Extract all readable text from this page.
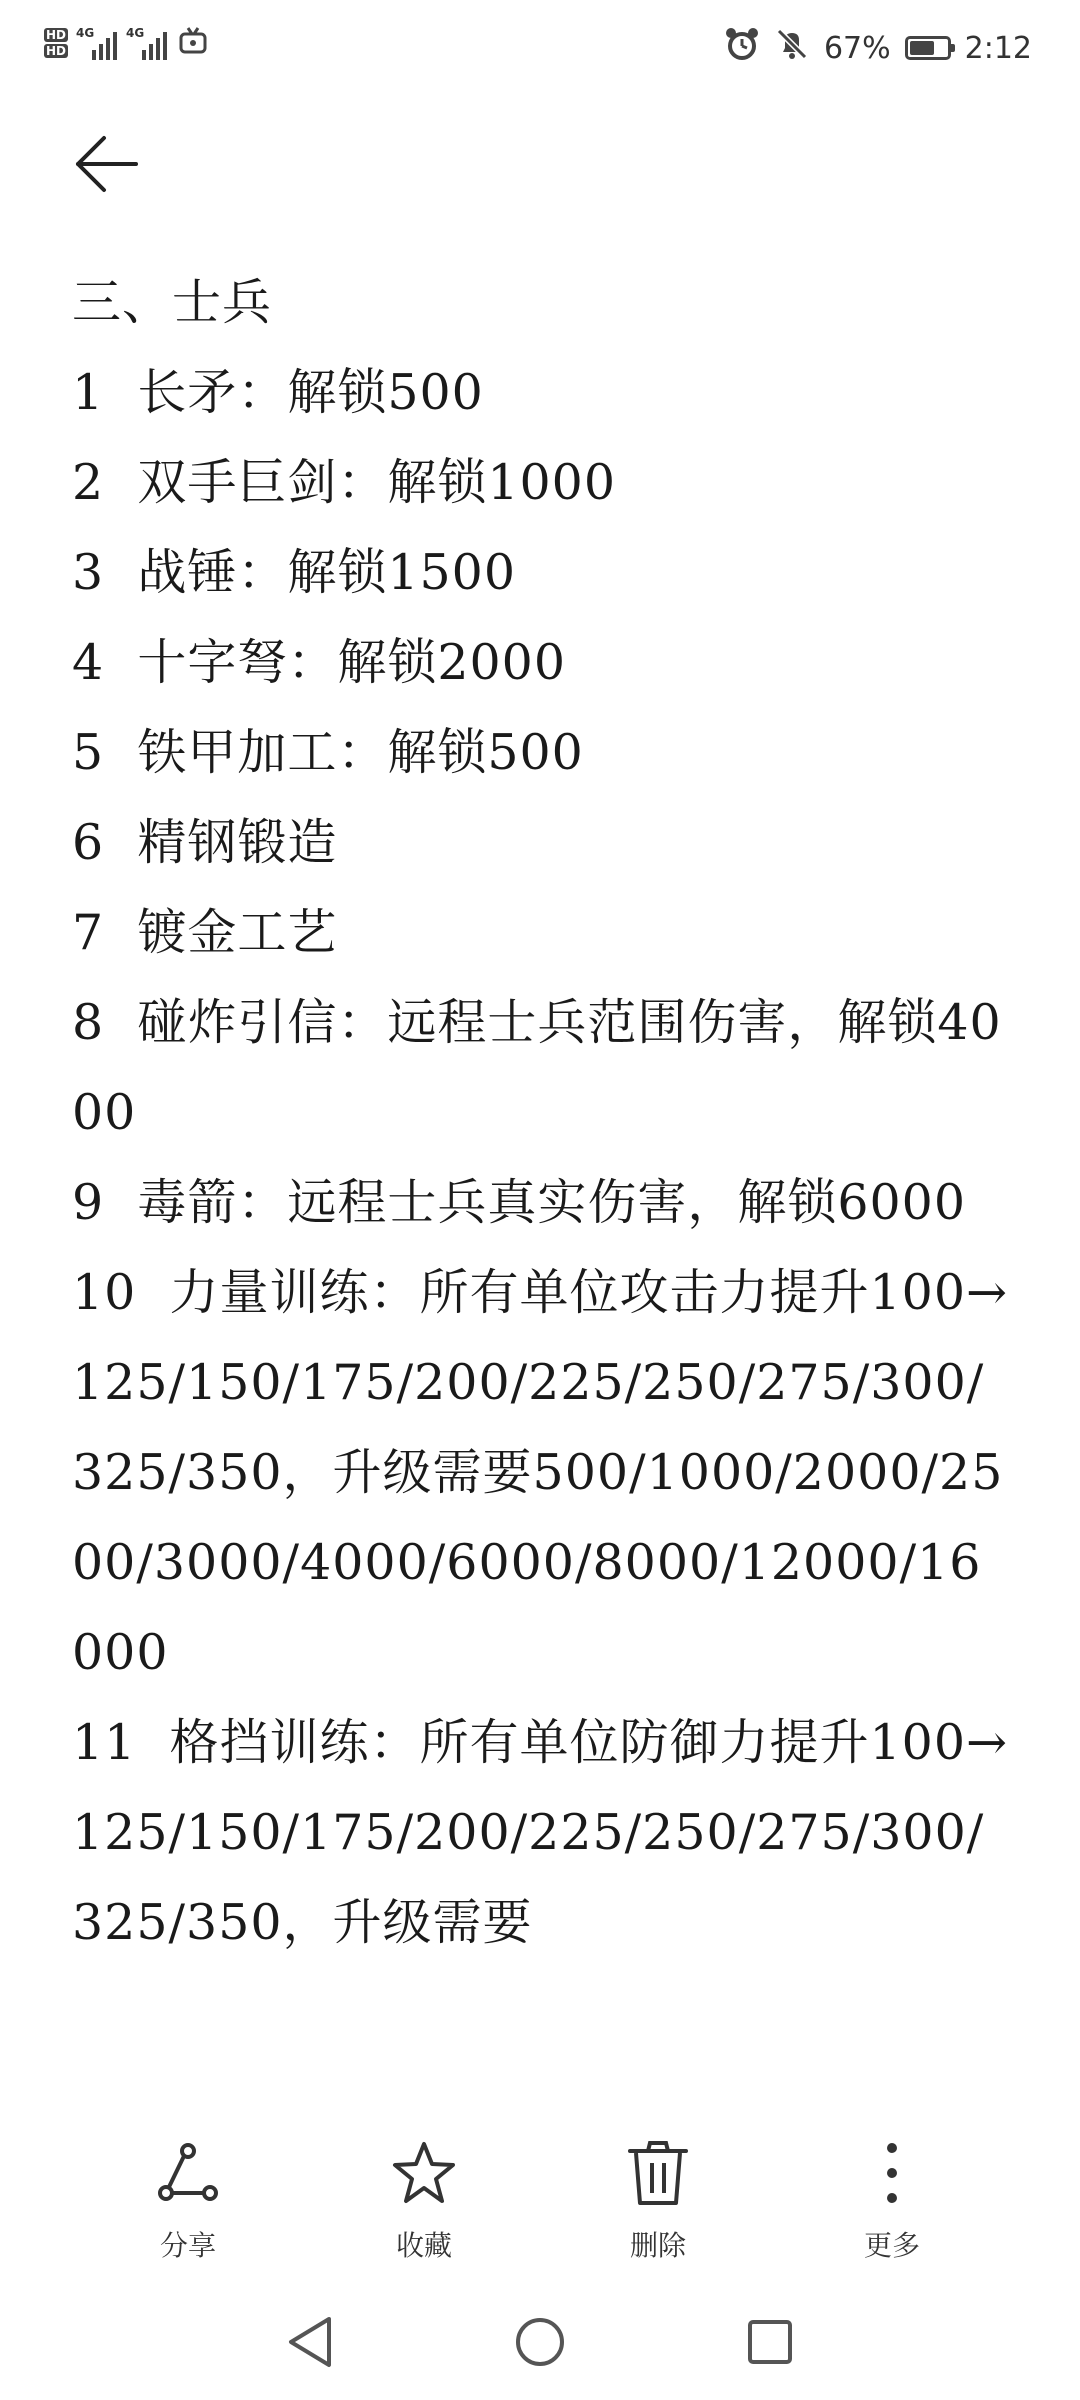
HD
HD
4G	4G	67% 2:12

三、士兵

1  长矛：解锁500

2  双手巨剑：解锁1000

3  战锤：解锁1500

4  十字弩：解锁2000

5  铁甲加工：解锁500

6  精钢锻造

7  镀金工艺

8  碰炸引信：远程士兵范围伤害，解锁4000

9  毒箭：远程士兵真实伤害，解锁6000

10  力量训练：所有单位攻击力提升100→125/150/175/200/225/250/275/300/325/350，升级需要500/1000/2000/2500/3000/4000/6000/8000/12000/16000

11  格挡训练：所有单位防御力提升100→125/150/175/200/225/250/275/300/325/350，升级需要

分享	收藏	删除	更多
